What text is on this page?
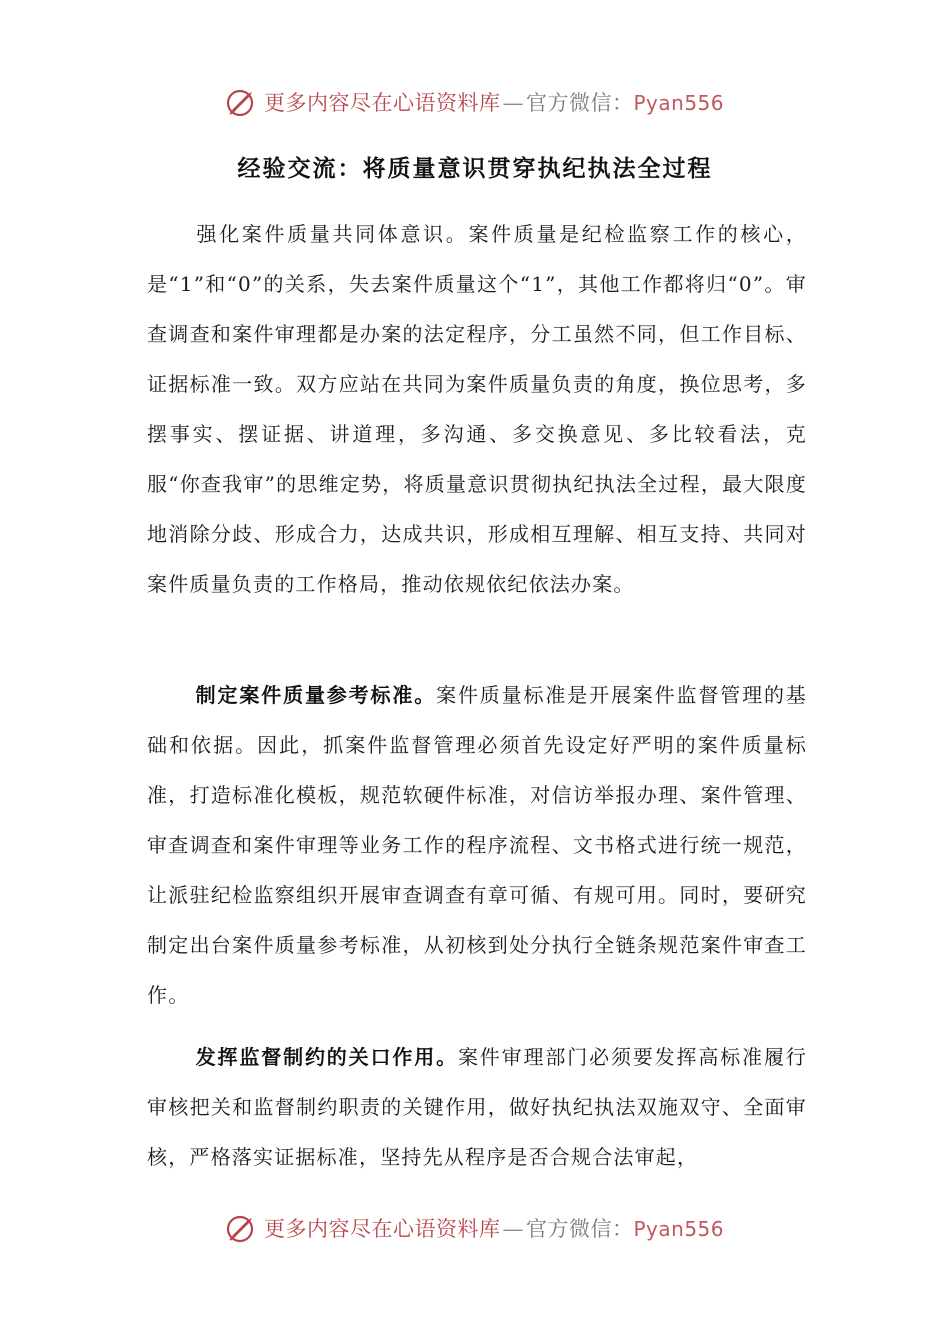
更多内容尽在心语资料库—官方微信：Pyan556
经验交流：将质量意识贯穿执纪执法全过程

强化案件质量共同体意识。案件质量是纪检监察工作的核心，是“1”和“0”的关系，失去案件质量这个“1”，其他工作都将归“0”。审查调查和案件审理都是办案的法定程序，分工虽然不同，但工作目标、证据标准一致。双方应站在共同为案件质量负责的角度，换位思考，多摆事实、摆证据、讲道理，多沟通、多交换意见、多比较看法，克服“你查我审”的思维定势，将质量意识贯彻执纪执法全过程，最大限度地消除分歧、形成合力，达成共识，形成相互理解、相互支持、共同对案件质量负责的工作格局，推动依规依纪依法办案。

制定案件质量参考标准。案件质量标准是开展案件监督管理的基础和依据。因此，抓案件监督管理必须首先设定好严明的案件质量标准，打造标准化模板，规范软硬件标准，对信访举报办理、案件管理、审查调查和案件审理等业务工作的程序流程、文书格式进行统一规范，让派驻纪检监察组织开展审查调查有章可循、有规可用。同时，要研究制定出台案件质量参考标准，从初核到处分执行全链条规范案件审查工作。

发挥监督制约的关口作用。案件审理部门必须要发挥高标准履行审核把关和监督制约职责的关键作用，做好执纪执法双施双守、全面审核，严格落实证据标准，坚持先从程序是否合规合法审起，

更多内容尽在心语资料库—官方微信：Pyan556
